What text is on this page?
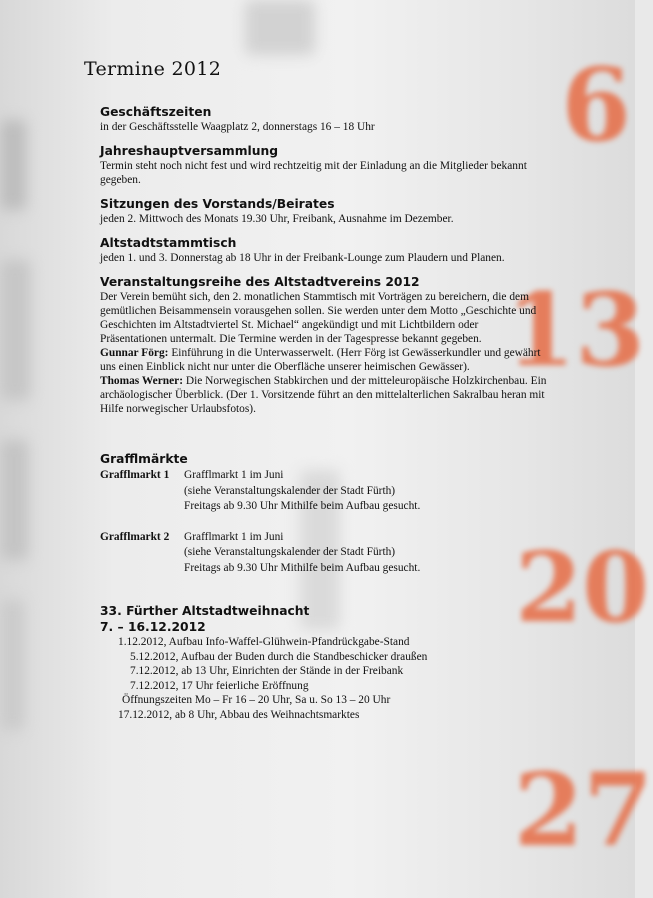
6
13
20
27
Termine 2012
Geschäftszeiten

in der Geschäftsstelle Waagplatz 2, donnerstags 16 – 18 Uhr

Jahreshauptversammlung

Termin steht noch nicht fest und wird rechtzeitig mit der Einladung an die Mitglieder bekannt gegeben.

Sitzungen des Vorstands/Beirates

jeden 2. Mittwoch des Monats 19.30 Uhr, Freibank, Ausnahme im Dezember.

Altstadtstammtisch

jeden 1. und 3. Donnerstag ab 18 Uhr in der Freibank-Lounge zum Plaudern und Planen.

Veranstaltungsreihe des Altstadtvereins 2012

Der Verein bemüht sich, den 2. monatlichen Stammtisch mit Vorträgen zu bereichern, die dem gemütlichen Beisammensein vorausgehen sollen. Sie werden unter dem Motto „Geschichte und Geschichten im Altstadtviertel St. Michael“ angekündigt und mit Lichtbildern oder Präsentationen untermalt. Die Termine werden in der Tagespresse bekannt gegeben.

Gunnar Förg: Einführung in die Unterwasserwelt. (Herr Förg ist Gewässerkundler und gewährt uns einen Einblick nicht nur unter die Oberfläche unserer heimischen Gewässer).

Thomas Werner: Die Norwegischen Stabkirchen und der mitteleuropäische Holzkirchenbau. Ein archäologischer Überblick. (Der 1. Vorsitzende führt an den mittelalterlichen Sakralbau heran mit Hilfe norwegischer Urlaubsfotos).

Grafflmärkte
Grafflmarkt 1	Grafflmarkt 1 im Juni
(siehe Veranstaltungskalender der Stadt Fürth)
Freitags ab 9.30 Uhr Mithilfe beim Aufbau gesucht.
Grafflmarkt 2	Grafflmarkt 1 im Juni
(siehe Veranstaltungskalender der Stadt Fürth)
Freitags ab 9.30 Uhr Mithilfe beim Aufbau gesucht.
33. Fürther Altstadtweihnacht
7. – 16.12.2012
1.12.2012, Aufbau Info-Waffel-Glühwein-Pfandrückgabe-Stand
5.12.2012, Aufbau der Buden durch die Standbeschicker draußen
7.12.2012, ab 13 Uhr, Einrichten der Stände in der Freibank
7.12.2012, 17 Uhr feierliche Eröffnung
Öffnungszeiten Mo – Fr 16 – 20 Uhr, Sa u. So 13 – 20 Uhr
17.12.2012, ab 8 Uhr, Abbau des Weihnachtsmarktes
